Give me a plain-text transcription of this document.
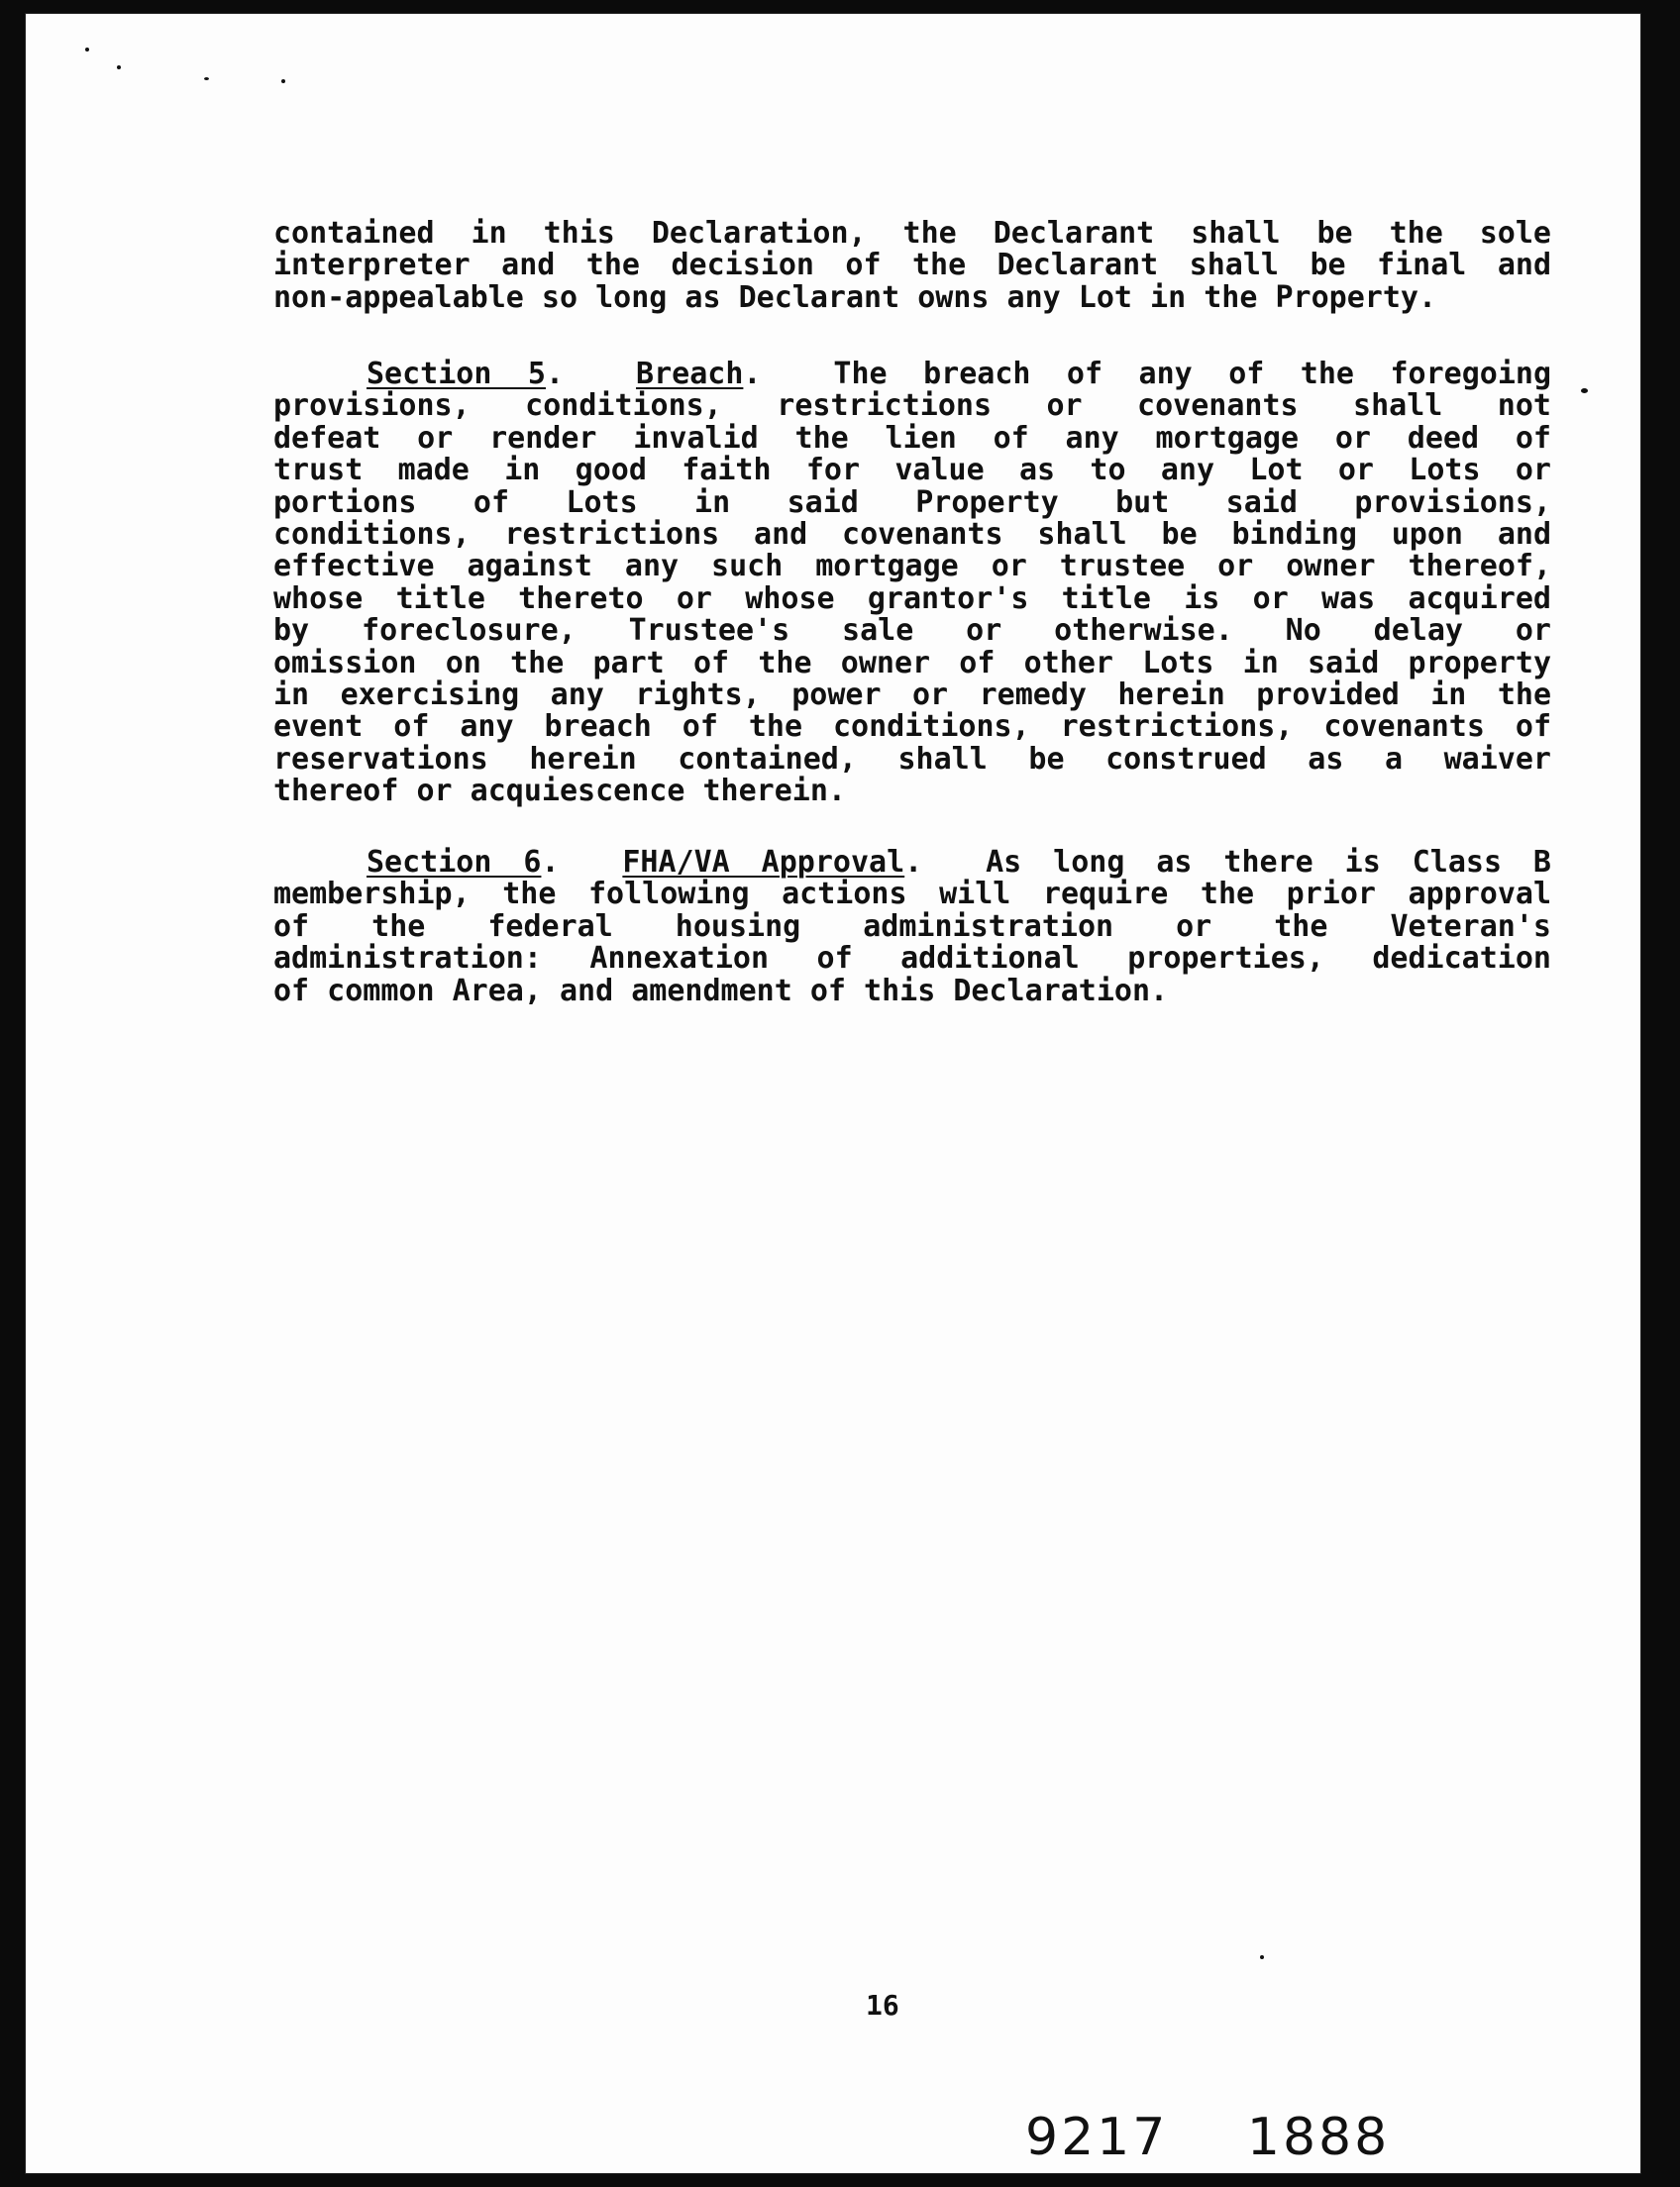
contained in this Declaration, the Declarant shall be the sole
interpreter and the decision of the Declarant shall be final and
non-appealable so long as Declarant owns any Lot in the Property.

Section 5.  Breach.  The breach of any of the foregoing
provisions, conditions, restrictions or covenants shall not
defeat or render invalid the lien of any mortgage or deed of
trust made in good faith for value as to any Lot or Lots or
portions of Lots in said Property but said provisions,
conditions, restrictions and covenants shall be binding upon and
effective against any such mortgage or trustee or owner thereof,
whose title thereto or whose grantor's title is or was acquired
by foreclosure, Trustee's sale or otherwise. No delay or
omission on the part of the owner of other Lots in said property
in exercising any rights, power or remedy herein provided in the
event of any breach of the conditions, restrictions, covenants of
reservations herein contained, shall be construed as a waiver
thereof or acquiescence therein.

Section 6.  FHA/VA Approval.  As long as there is Class B
membership, the following actions will require the prior approval
of the federal housing administration or the Veteran's
administration: Annexation of additional properties, dedication
of common Area, and amendment of this Declaration.

16
9217 1888
